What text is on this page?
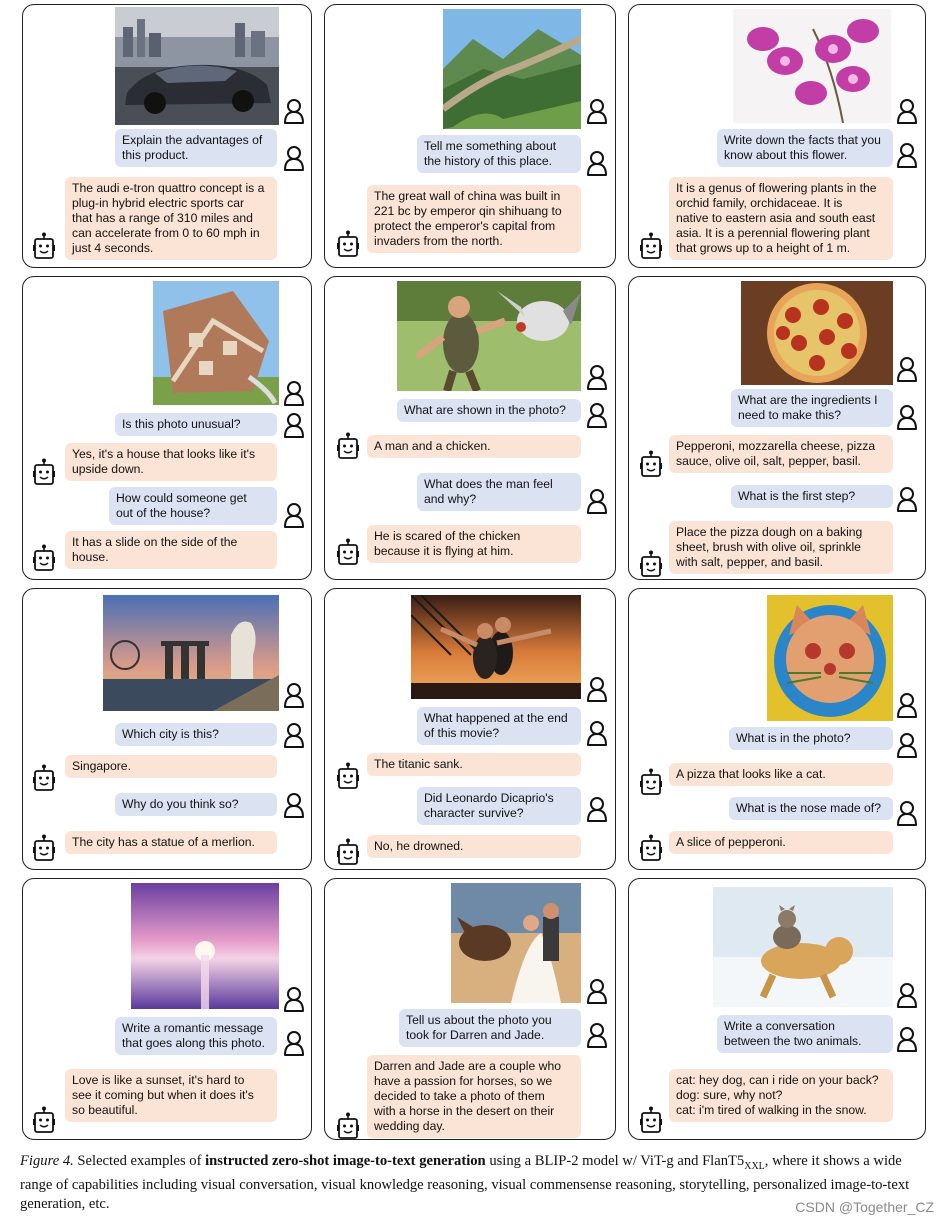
Explain the advantages of
this product.
The audi e-tron quattro concept is a
plug-in hybrid electric sports car
that has a range of 310 miles and
can accelerate from 0 to 60 mph in
just 4 seconds.
Tell me something about
the history of this place.
The great wall of china was built in
221 bc by emperor qin shihuang to
protect the emperor's capital from
invaders from the north.
Write down the facts that you
know about this flower.
It is a genus of flowering plants in the
orchid family, orchidaceae. It is
native to eastern asia and south east
asia. It is a perennial flowering plant
that grows up to a height of 1 m.
Is this photo unusual?
Yes, it's a house that looks like it's
upside down.
How could someone get
out of the house?
It has a slide on the side of the
house.
What are shown in the photo?
A man and a chicken.
What does the man feel
and why?
He is scared of the chicken
because it is flying at him.
What are the ingredients I
need to make this?
Pepperoni, mozzarella cheese, pizza
sauce, olive oil, salt, pepper, basil.
What is the first step?
Place the pizza dough on a baking
sheet, brush with olive oil, sprinkle
with salt, pepper, and basil.
Which city is this?
Singapore.
Why do you think so?
The city has a statue of a merlion.
What happened at the end
of this movie?
The titanic sank.
Did Leonardo Dicaprio's
character survive?
No, he drowned.
What is in the photo?
A pizza that looks like a cat.
What is the nose made of?
A slice of pepperoni.
Write a romantic message
that goes along this photo.
Love is like a sunset, it's hard to
see it coming but when it does it's
so beautiful.
Tell us about the photo you
took for Darren and Jade.
Darren and Jade are a couple who
have a passion for horses, so we
decided to take a photo of them
with a horse in the desert on their
wedding day.
Write a conversation
between the two animals.
cat: hey dog, can i ride on your back?
dog: sure, why not?
cat: i'm tired of walking in the snow.
Figure 4. Selected examples of instructed zero-shot image-to-text generation using a BLIP-2 model w/ ViT-g and $FlanT5_{XXL}$, where it shows a wide range of capabilities including visual conversation, visual knowledge reasoning, visual commensense reasoning, storytelling, personalized image-to-text generation, etc.	CSDN @Together_CZ
